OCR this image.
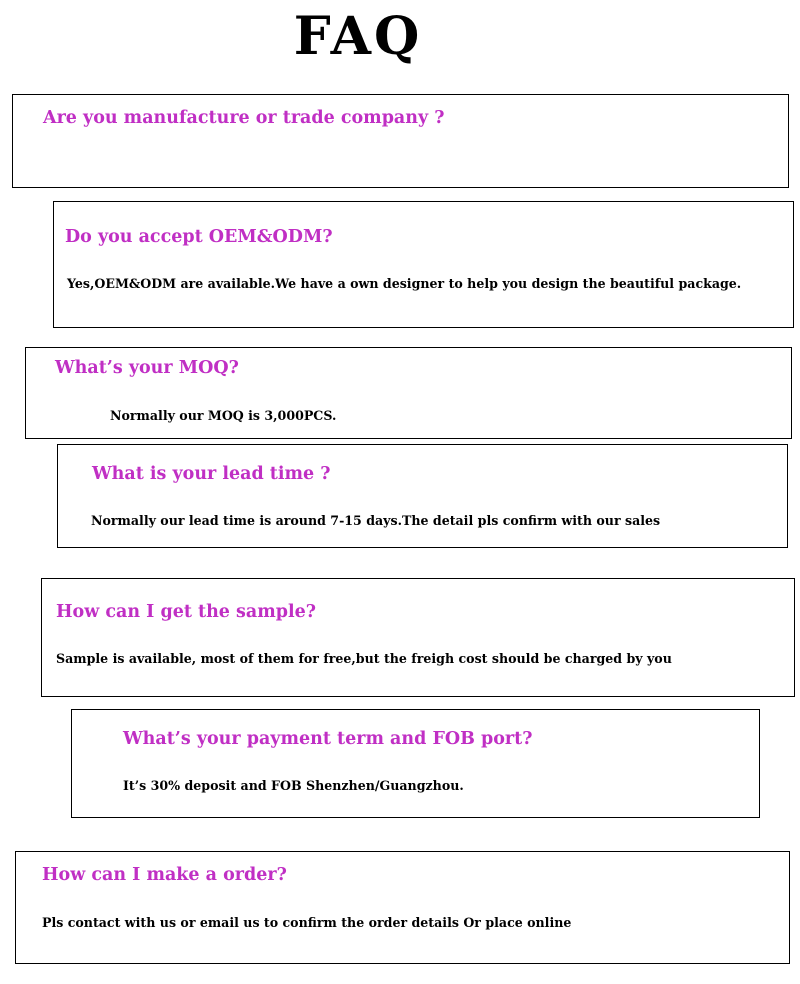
FAQ
Are you manufacture or trade company ?
Do you accept OEM&ODM?
Yes,OEM&ODM are available.We have a own designer to help you design the beautiful package.
What’s your MOQ?
Normally our MOQ is 3,000PCS.
What is your lead time ?
Normally our lead time is around 7-15 days.The detail pls confirm with our sales
How can I get the sample?
Sample is available, most of them for free,but the freigh cost should be charged by you
What’s your payment term and FOB port?
It’s 30% deposit and FOB Shenzhen/Guangzhou.
How can I make a order?
Pls contact with us or email us to confirm the order details Or place online
